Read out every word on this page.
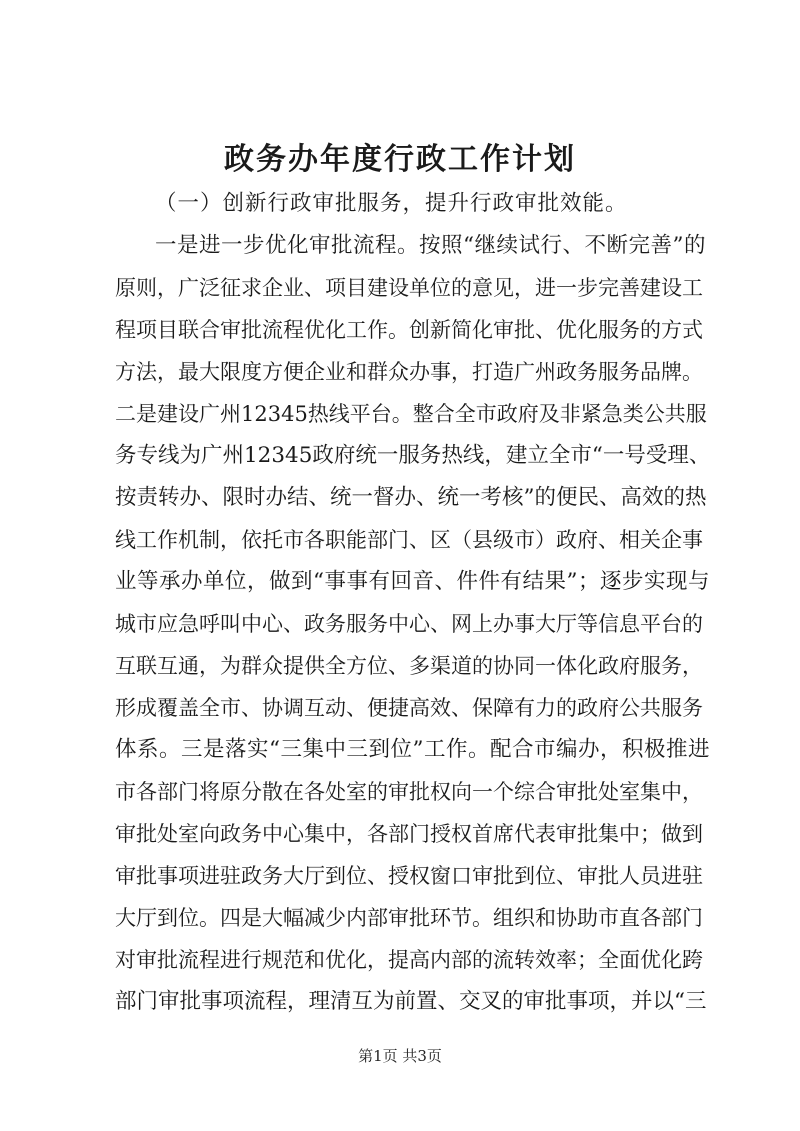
政务办年度行政工作计划
（一）创新行政审批服务，提升行政审批效能。
一是进一步优化审批流程。按照“继续试行、不断完善”的
原则，广泛征求企业、项目建设单位的意见，进一步完善建设工
程项目联合审批流程优化工作。创新简化审批、优化服务的方式
方法，最大限度方便企业和群众办事，打造广州政务服务品牌。
二是建设广州12345热线平台。整合全市政府及非紧急类公共服
务专线为广州12345政府统一服务热线，建立全市“一号受理、
按责转办、限时办结、统一督办、统一考核”的便民、高效的热
线工作机制，依托市各职能部门、区（县级市）政府、相关企事
业等承办单位，做到“事事有回音、件件有结果”；逐步实现与
城市应急呼叫中心、政务服务中心、网上办事大厅等信息平台的
互联互通，为群众提供全方位、多渠道的协同一体化政府服务，
形成覆盖全市、协调互动、便捷高效、保障有力的政府公共服务
体系。三是落实“三集中三到位”工作。配合市编办，积极推进
市各部门将原分散在各处室的审批权向一个综合审批处室集中，
审批处室向政务中心集中，各部门授权首席代表审批集中；做到
审批事项进驻政务大厅到位、授权窗口审批到位、审批人员进驻
大厅到位。四是大幅减少内部审批环节。组织和协助市直各部门
对审批流程进行规范和优化，提高内部的流转效率；全面优化跨
部门审批事项流程，理清互为前置、交叉的审批事项，并以“三
第1页 共3页
